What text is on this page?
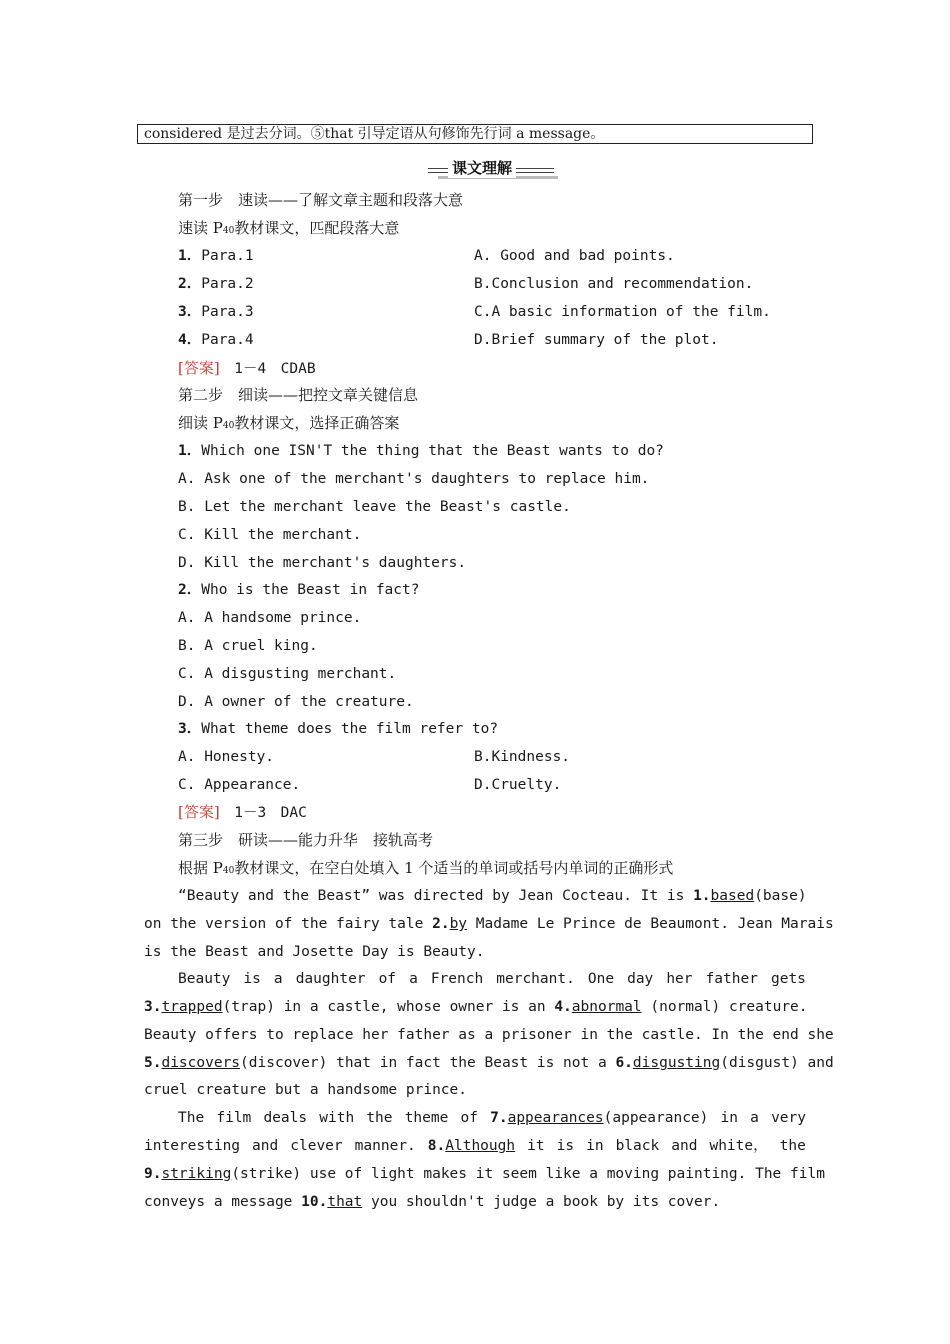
considered 是过去分词。⑤that 引导定语从句修饰先行词 a message。
课文理解
第一步　速读——了解文章主题和段落大意
速读 P40教材课文，匹配段落大意
1．Para.1	A. Good and bad points.
2．Para.2	B.Conclusion and recommendation.
3．Para.3	C.A basic information of the film.
4．Para.4	D.Brief summary of the plot.
[答案]　 1－4　CDAB
第二步　细读——把控文章关键信息
细读 P40教材课文，选择正确答案
1．Which one ISN'T the thing that the Beast wants to do?
A. Ask one of the merchant's daughters to replace him.
B. Let the merchant leave the Beast's castle.
C. Kill the merchant.
D. Kill the merchant's daughters.
2．Who is the Beast in fact?
A. A handsome prince.
B. A cruel king.
C. A disgusting merchant.
D. A owner of the creature.
3．What theme does the film refer to?
A. Honesty.	B.Kindness.
C. Appearance.	D.Cruelty.
[答案]　 1－3　DAC
第三步　研读——能力升华　接轨高考
根据 P40教材课文，在空白处填入 1 个适当的单词或括号内单词的正确形式
“Beauty and the Beast” was directed by Jean Cocteau. It is 1.based(base)
on the version of the fairy tale 2.by Madame Le Prince de Beaumont. Jean Marais
is the Beast and Josette Day is Beauty.
Beauty is a daughter of a French merchant. One day her father gets
3.trapped(trap) in a castle, whose owner is an 4.abnormal (normal) creature.
Beauty offers to replace her father as a prisoner in the castle. In the end she
5.discovers(discover) that in fact the Beast is not a 6.disgusting(disgust) and
cruel creature but a handsome prince.
The film deals with the theme of 7.appearances(appearance) in a very
interesting and clever manner. 8.Although it is in black and white， the
9.striking(strike) use of light makes it seem like a moving painting. The film
conveys a message 10.that you shouldn't judge a book by its cover.
